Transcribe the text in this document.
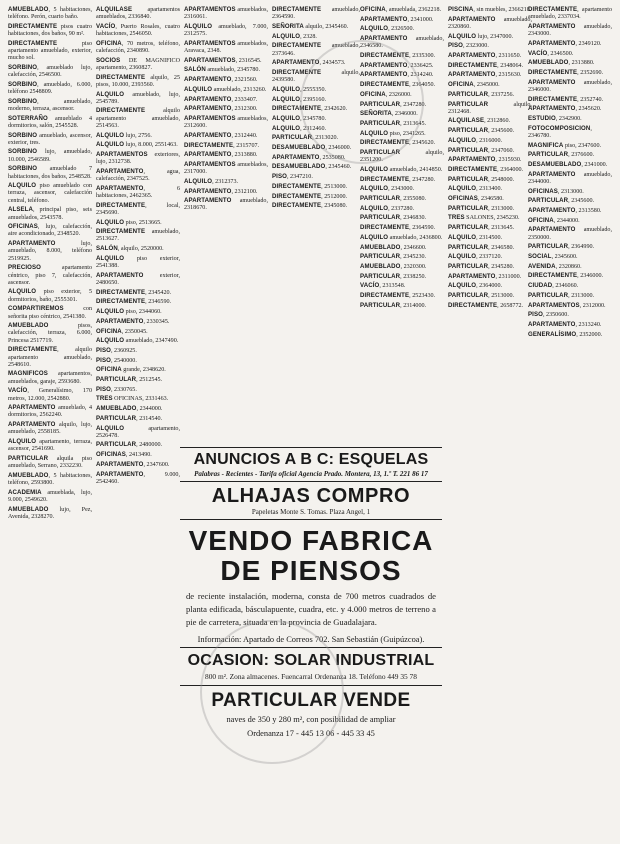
AMUEBLADO, 5 habitaciones, teléfono. Perón, cuarto baño.

DIRECTAMENTE pisos cuatro habitaciones, dos baños, 90 m².

DIRECTAMENTE piso apartamento amueblado, exterior, mucho sol.

SORBINO, amueblado lujo, calefacción, 2546500.

SORBINO, amueblado, 6.000, teléfono 2548809.

SORBINO, amueblado, moderno, terraza, ascensor.

SOTERRAÑO amueblado 4 dormitorios, salón, 2545528.

SORBINO amueblado, ascensor, exterior, tres.

SORBINO lujo, amueblado, 10.000, 2546589.

SORBINO amueblado 7 habitaciones, dos baños, 2548528.

ALQUILO piso amueblado con terraza, ascensor, calefacción central, teléfono.

ALSELA, principal piso, seis amueblados, 2543578.

OFICINAS, lujo, calefacción, aire acondicionado, 2348520.

APARTAMENTO lujo, amueblado, 8.000, teléfono 2519925.

PRECIOSO apartamento céntrico, piso 7, calefacción, ascensor.

ALQUILO piso exterior, 5 dormitorios, baño, 2555301.

COMPARTIREMOS con señorita piso céntrico, 2541380.

AMUEBLADO pisos, calefacción, terraza, 6.000, Princesa 2517719.

DIRECTAMENTE, alquilo apartamento amueblado, 2548610.

MAGNIFICOS apartamentos, amueblados, garaje, 2593680.

VACÍO, Generalísimo, 170 metros, 12.000, 2542880.

APARTAMENTO amueblado, 4 dormitorios, 2562240.

APARTAMENTO alquilo, lujo, amueblado, 2558185.

ALQUILO apartamento, terraza, ascensor, 2541690.

PARTICULAR alquila piso amueblado, Serrano, 2332230.

AMUEBLADO, 5 habitaciones, teléfono, 2593800.

ACADEMIA amueblada, lujo, 9.000, 2549620.

AMUEBLADO lujo, Pez, Avenida, 2328270.

ALQUILASE apartamentos amueblados, 2336840.

VACÍO, Puerto Rosales, cuatro habitaciones, 2546050.

OFICINA, 70 metros, teléfono, calefacción, 2340890.

SOCIOS DE MAGNIFICO apartamento, 2360827.

DIRECTAMENTE alquilo, 25 pisos, 10.000, 2393560.

ALQUILO amueblado, lujo, 2545789.

DIRECTAMENTE alquilo apartamento amueblado, 2514563.

ALQUILO lujo, 2756.

ALQUILO lujo, 8.000, 2551463.

APARTAMENTOS exteriores, lujo, 2312738.

APARTAMENTO, agua, calefacción, 2347525.

APARTAMENTO, 6 habitaciones, 2462365.

DIRECTAMENTE, local, 2345690.

ALQUILO piso, 2513665.

DIRECTAMENTE amueblado, 2513627.

SALÓN, alquilo, 2520000.

ALQUILO piso exterior, 2541388.

APARTAMENTO exterior, 2480650.

DIRECTAMENTE, 2345420.

DIRECTAMENTE, 2346590.

ALQUILO piso, 2344060.

APARTAMENTO, 2330345.

OFICINA, 2350045.

ALQUILO amueblado, 2347490.

PISO, 2360925.

PISO, 2540000.

OFICINA grande, 2348620.

PARTICULAR, 2512545.

PISO, 2330765.

TRES OFICINAS, 2331463.

AMUEBLADO, 2344000.

PARTICULAR, 2314540.

ALQUILO apartamento, 2526478.

PARTICULAR, 2480000.

OFICINAS, 2413490.

APARTAMENTO, 2347600.

APARTAMENTO, 9.000, 2542460.

APARTAMENTOS amueblados, 2316061.

ALQUILO amueblado, 7.000, 2312575.

APARTAMENTOS amueblados, Aravaca, 2348.

APARTAMENTOS, 2316545.

SALÓN amueblado, 2345780.

APARTAMENTO, 2321560.

ALQUILO amueblado, 2313260.

APARTAMENTO, 2333407.

APARTAMENTO, 2312300.

APARTAMENTOS amueblados, 2312600.

APARTAMENTO, 2312440.

DIRECTAMENTE, 2315707.

APARTAMENTO, 2313880.

APARTAMENTOS amueblados, 2317000.

ALQUILO, 2312373.

APARTAMENTO, 2312100.

APARTAMENTO amueblado, 2318670.

DIRECTAMENTE amueblado, 2364590.

SEÑORITA alquilo, 2345460.

ALQUILO, 2328.

DIRECTAMENTE amueblado, 2373646.

APARTAMENTO, 2434573.

DIRECTAMENTE alquilo, 2439580.

ALQUILO, 2555350.

ALQUILO, 2395160.

DIRECTAMENTE, 2342620.

ALQUILO, 2345780.

ALQUILO, 2312460.

PARTICULAR, 2313020.

DESAMUEBLADO, 2346000.

APARTAMENTO, 2535080.

DESAMUEBLADO, 2345460.

PISO, 2347210.

DIRECTAMENTE, 2513000.

DIRECTAMENTE, 2512000.

DIRECTAMENTE, 2345080.

OFICINA, amueblada, 2362218.

APARTAMENTO, 2341000.

ALQUILO, 2326500.

APARTAMENTO amueblado, 2346580.

DIRECTAMENTE, 2335300.

APARTAMENTO, 2336425.

APARTAMENTO, 2314240.

DIRECTAMENTE, 2364050.

OFICINA, 2326000.

PARTICULAR, 2347280.

SEÑORITA, 2346000.

PARTICULAR, 2313645.

ALQUILO piso, 2341265.

DIRECTAMENTE, 2345620.

PARTICULAR alquilo, 2351200.

ALQUILO amueblado, 2414850.

DIRECTAMENTE, 2347280.

ALQUILO, 2343000.

PARTICULAR, 2355080.

ALQUILO, 2337280.

PARTICULAR, 2346830.

DIRECTAMENTE, 2364590.

ALQUILO amueblado, 2436800.

AMUEBLADO, 2346600.

PARTICULAR, 2345230.

AMUEBLADO, 2320300.

PARTICULAR, 2338250.

VACÍO, 2313548.

DIRECTAMENTE, 2523430.

PARTICULAR, 2314000.

PISCINA, sin muebles, 2366218.

APARTAMENTO amueblado, 2320860.

ALQUILO lujo, 2347000.

PISO, 2323000.

APARTAMENTO, 2311650.

DIRECTAMENTE, 2348064.

APARTAMENTO, 2315630.

OFICINA, 2345000.

PARTICULAR, 2337256.

PARTICULAR alquilo, 2312468.

ALQUILASE, 2312860.

PARTICULAR, 2345600.

ALQUILO, 2316000.

PARTICULAR, 2347060.

APARTAMENTO, 2315930.

DIRECTAMENTE, 2364000.

PARTICULAR, 2548000.

ALQUILO, 2313400.

OFICINAS, 2346580.

PARTICULAR, 2313000.

TRES SALONES, 2345230.

PARTICULAR, 2313645.

ALQUILO, 2314500.

PARTICULAR, 2346580.

ALQUILO, 2337120.

PARTICULAR, 2345280.

APARTAMENTO, 2311000.

ALQUILO, 2364000.

PARTICULAR, 2513000.

DIRECTAMENTE, 2658772.

DIRECTAMENTE, apartamento amueblado, 2337034.

APARTAMENTO amueblado, 2343000.

APARTAMENTO, 2349120.

VACÍO, 2346500.

AMUEBLADO, 2313880.

DIRECTAMENTE, 2352690.

APARTAMENTO amueblado, 2346000.

DIRECTAMENTE, 2352740.

APARTAMENTO, 2345620.

ESTUDIO, 2342900.

FOTOCOMPOSICION, 2346780.

MAGNIFICA piso, 2347600.

PARTICULAR, 2376600.

DESAMUEBLADO, 2341000.

APARTAMENTO amueblado, 2344000.

OFICINAS, 2313000.

PARTICULAR, 2345600.

APARTAMENTO, 2313580.

OFICINA, 2344000.

APARTAMENTO amueblado, 2350000.

PARTICULAR, 2364990.

SOCIAL, 2345600.

AVENIDA, 2320860.

DIRECTAMENTE, 2346000.

CIUDAD, 2346060.

PARTICULAR, 2313000.

APARTAMENTOS, 2312000.

PISO, 2350600.

APARTAMENTO, 2313240.

GENERALÍSIMO, 2352000.

ANUNCIOS A B C: ESQUELAS
Palabras - Recientes - Tarifa oficial Agencia Prado. Montera, 13, 1.º T. 221 86 17
ALHAJAS COMPRO
Papeletas Monte S. Tomas. Plaza Angel, 1
VENDO FABRICA DE PIENSOS
de reciente instalación, moderna, consta de 700 metros cuadrados de planta edificada, básculapuente, cuadra, etc. y 4.000 metros de terreno a pie de carretera, situada en la provincia de Guadalajara.
Información: Apartado de Correos 702. San Sebastián (Guipúzcoa).
OCASION: SOLAR INDUSTRIAL
800 m². Zona almacenes. Fuencarral Ordenanza 18. Teléfono 449 35 78
PARTICULAR VENDE
naves de 350 y 280 m², con posibilidad de ampliar
Ordenanza 17 - 445 13 06 - 445 33 45
